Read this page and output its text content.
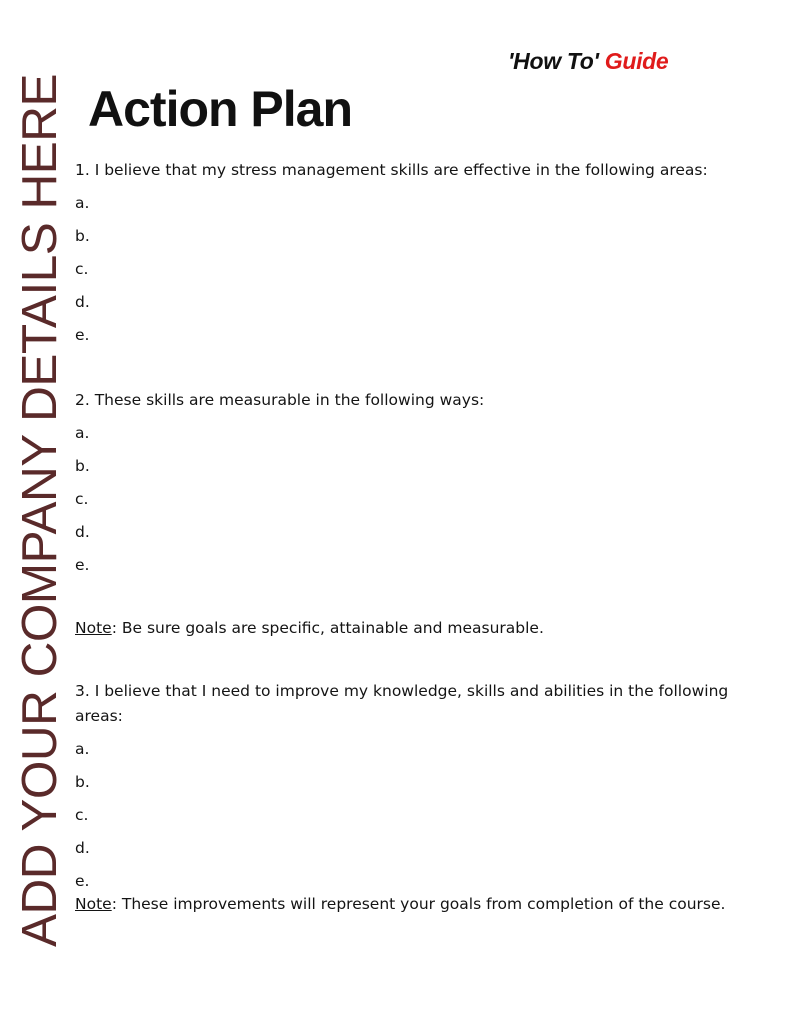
ADD YOUR COMPANY DETAILS HERE
'How To' Guide
Action Plan

1. I believe that my stress management skills are effective in the following areas:

a.

b.

c.

d.

e.

2. These skills are measurable in the following ways:

a.

b.

c.

d.

e.

Note: Be sure goals are specific, attainable and measurable.

3. I believe that I need to improve my knowledge, skills and abilities in the following areas:

a.

b.

c.

d.

e.

Note: These improvements will represent your goals from completion of the course.
